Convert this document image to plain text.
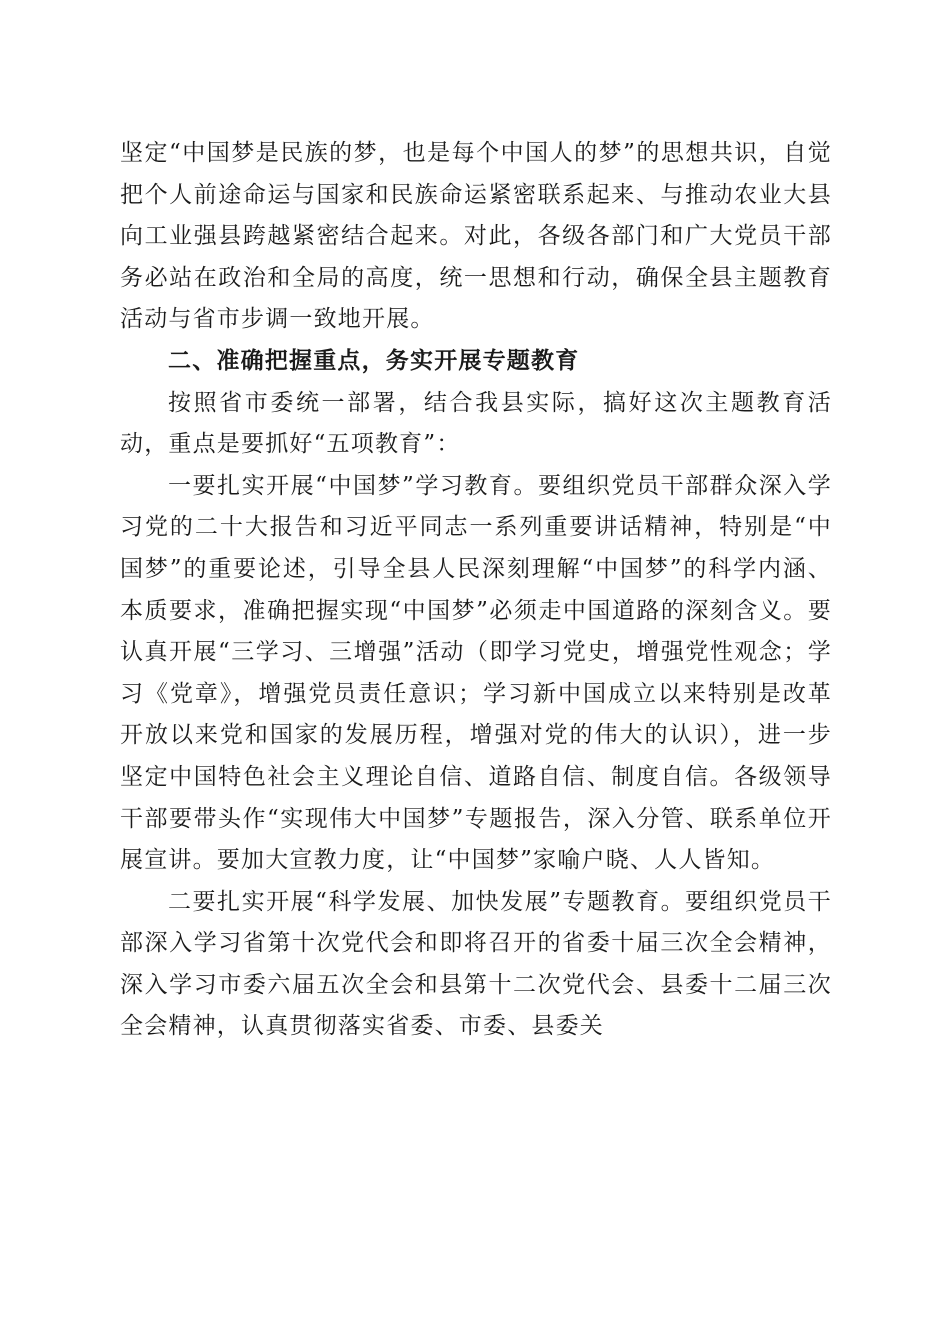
坚定“中国梦是民族的梦，也是每个中国人的梦”的思想共识，自觉把个人前途命运与国家和民族命运紧密联系起来、与推动农业大县向工业强县跨越紧密结合起来。对此，各级各部门和广大党员干部务必站在政治和全局的高度，统一思想和行动，确保全县主题教育活动与省市步调一致地开展。

二、准确把握重点，务实开展专题教育

按照省市委统一部署，结合我县实际，搞好这次主题教育活动，重点是要抓好“五项教育”：

一要扎实开展“中国梦”学习教育。要组织党员干部群众深入学习党的二十大报告和习近平同志一系列重要讲话精神，特别是“中国梦”的重要论述，引导全县人民深刻理解“中国梦”的科学内涵、本质要求，准确把握实现“中国梦”必须走中国道路的深刻含义。要认真开展“三学习、三增强”活动（即学习党史，增强党性观念；学习《党章》，增强党员责任意识；学习新中国成立以来特别是改革开放以来党和国家的发展历程，增强对党的伟大的认识），进一步坚定中国特色社会主义理论自信、道路自信、制度自信。各级领导干部要带头作“实现伟大中国梦”专题报告，深入分管、联系单位开展宣讲。要加大宣教力度，让“中国梦”家喻户晓、人人皆知。

二要扎实开展“科学发展、加快发展”专题教育。要组织党员干部深入学习省第十次党代会和即将召开的省委十届三次全会精神，深入学习市委六届五次全会和县第十二次党代会、县委十二届三次全会精神，认真贯彻落实省委、市委、县委关
